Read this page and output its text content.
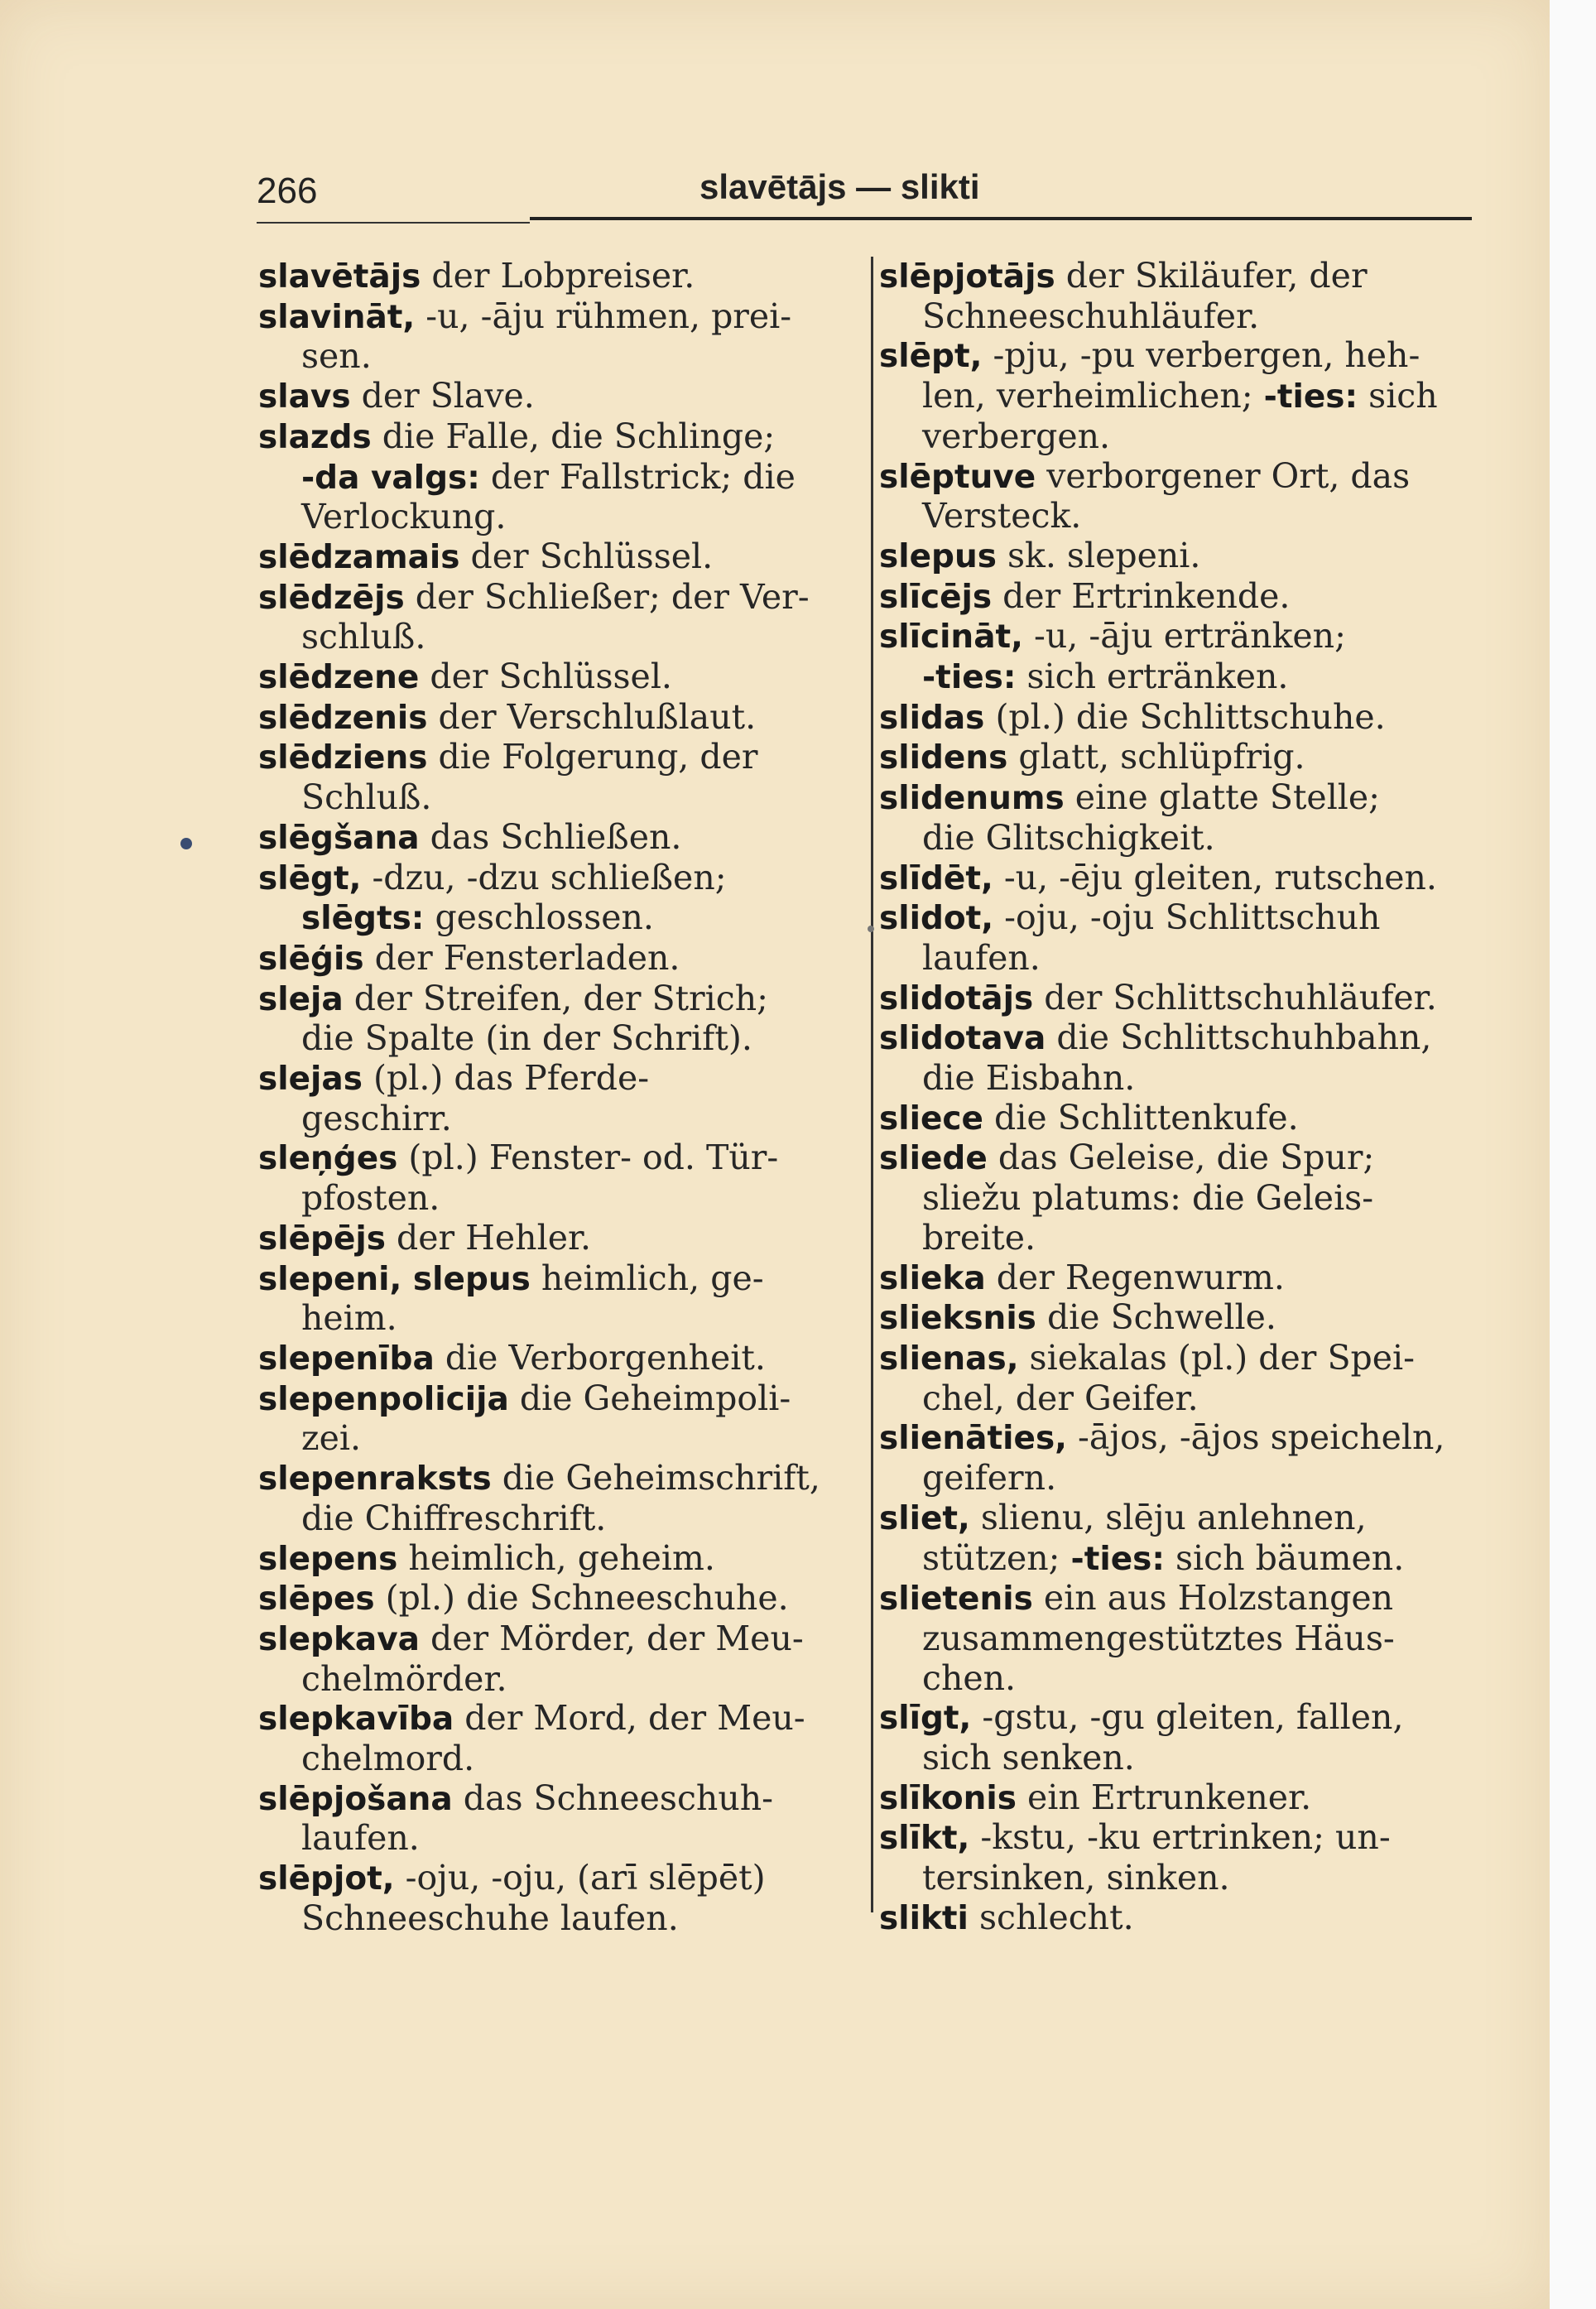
266	slavētājs — slikti
slavētājs der Lobpreiser.
slavināt, -u, -āju rühmen, prei-
sen.
slavs der Slave.
slazds die Falle, die Schlinge;
-da valgs: der Fallstrick; die
Verlockung.
slēdzamais der Schlüssel.
slēdzējs der Schließer; der Ver-
schluß.
slēdzene der Schlüssel.
slēdzenis der Verschlußlaut.
slēdziens die Folgerung, der
Schluß.
slēgšana das Schließen.
slēgt, -dzu, -dzu schließen;
slēgts: geschlossen.
slēģis der Fensterladen.
sleja der Streifen, der Strich;
die Spalte (in der Schrift).
slejas (pl.) das Pferde-
geschirr.
sleņģes (pl.) Fenster- od. Tür-
pfosten.
slēpējs der Hehler.
slepeni, slepus heimlich, ge-
heim.
slepenība die Verborgenheit.
slepenpolicija die Geheimpoli-
zei.
slepenraksts die Geheimschrift,
die Chiffreschrift.
slepens heimlich, geheim.
slēpes (pl.) die Schneeschuhe.
slepkava der Mörder, der Meu-
chelmörder.
slepkavība der Mord, der Meu-
chelmord.
slēpjošana das Schneeschuh-
laufen.
slēpjot, -oju, -oju, (arī slēpēt)
Schneeschuhe laufen.
slēpjotājs der Skiläufer, der
Schneeschuhläufer.
slēpt, -pju, -pu verbergen, heh-
len, verheimlichen; -ties: sich
verbergen.
slēptuve verborgener Ort, das
Versteck.
slepus sk. slepeni.
slīcējs der Ertrinkende.
slīcināt, -u, -āju ertränken;
-ties: sich ertränken.
slidas (pl.) die Schlittschuhe.
slidens glatt, schlüpfrig.
slidenums eine glatte Stelle;
die Glitschigkeit.
slīdēt, -u, -ēju gleiten, rutschen.
slidot, -oju, -oju Schlittschuh
laufen.
slidotājs der Schlittschuhläufer.
slidotava die Schlittschuhbahn,
die Eisbahn.
sliece die Schlittenkufe.
sliede das Geleise, die Spur;
sliežu platums: die Geleis-
breite.
slieka der Regenwurm.
slieksnis die Schwelle.
slienas, siekalas (pl.) der Spei-
chel, der Geifer.
slienāties, -ājos, -ājos speicheln,
geifern.
sliet, slienu, slēju anlehnen,
stützen; -ties: sich bäumen.
slietenis ein aus Holzstangen
zusammengestütztes Häus-
chen.
slīgt, -gstu, -gu gleiten, fallen,
sich senken.
slīkonis ein Ertrunkener.
slīkt, -kstu, -ku ertrinken; un-
tersinken, sinken.
slikti schlecht.
